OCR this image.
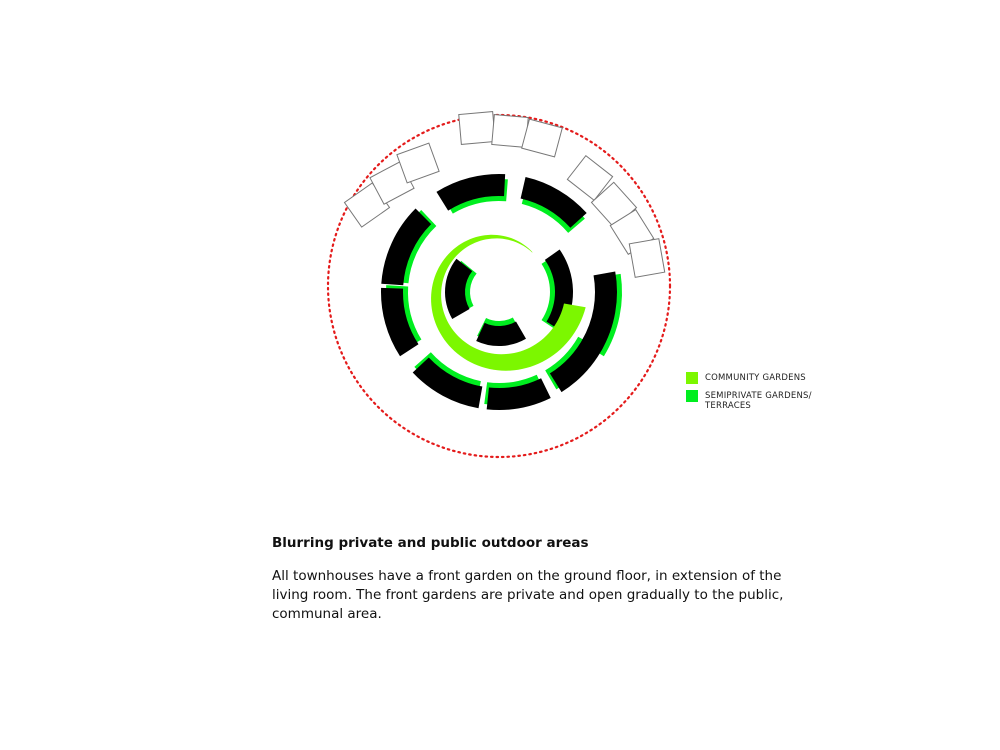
COMMUNITY GARDENS
SEMIPRIVATE GARDENS/ TERRACES

Blurring private and public outdoor areas

All townhouses have a front garden on the ground floor, in extension of the living room. The front gardens are private and open gradually to the public, communal area.
